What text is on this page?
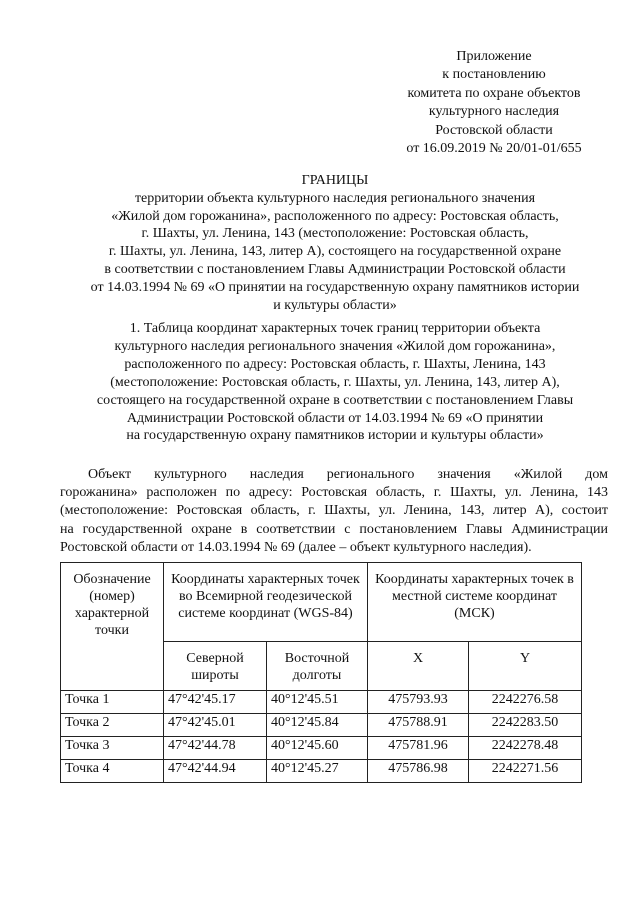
Приложение
к постановлению
комитета по охране объектов
культурного наследия
Ростовской области
от 16.09.2019 № 20/01-01/655
ГРАНИЦЫ
территории объекта культурного наследия регионального значения
«Жилой дом горожанина», расположенного по адресу: Ростовская область,
г. Шахты, ул. Ленина, 143 (местоположение: Ростовская область,
г. Шахты, ул. Ленина, 143, литер А), состоящего на государственной охране
в соответствии с постановлением Главы Администрации Ростовской области
от 14.03.1994 № 69 «О принятии на государственную охрану памятников истории
и культуры области»
1. Таблица координат характерных точек границ территории объекта
культурного наследия регионального значения «Жилой дом горожанина»,
расположенного по адресу: Ростовская область, г. Шахты, Ленина, 143
(местоположение: Ростовская область, г. Шахты, ул. Ленина, 143, литер А),
состоящего на государственной охране в соответствии с постановлением Главы
Администрации Ростовской области от 14.03.1994 № 69 «О принятии
на государственную охрану памятников истории и культуры области»
Объект культурного наследия регионального значения «Жилой дом
горожанина» расположен по адресу: Ростовская область, г. Шахты, ул. Ленина, 143
(местоположение: Ростовская область, г. Шахты, ул. Ленина, 143, литер А), состоит
на государственной охране в соответствии с постановлением Главы Администрации
Ростовской области от 14.03.1994 № 69 (далее – объект культурного наследия).
Обозначение (номер) характерной точки	Координаты характерных точек во Всемирной геодезической системе координат (WGS-84)		Координаты характерных точек в местной системе координат (МСК)	
	Северной широты	Восточной долготы	X	Y
Точка 1	47°42'45.17	40°12'45.51	475793.93	2242276.58
Точка 2	47°42'45.01	40°12'45.84	475788.91	2242283.50
Точка 3	47°42'44.78	40°12'45.60	475781.96	2242278.48
Точка 4	47°42'44.94	40°12'45.27	475786.98	2242271.56
